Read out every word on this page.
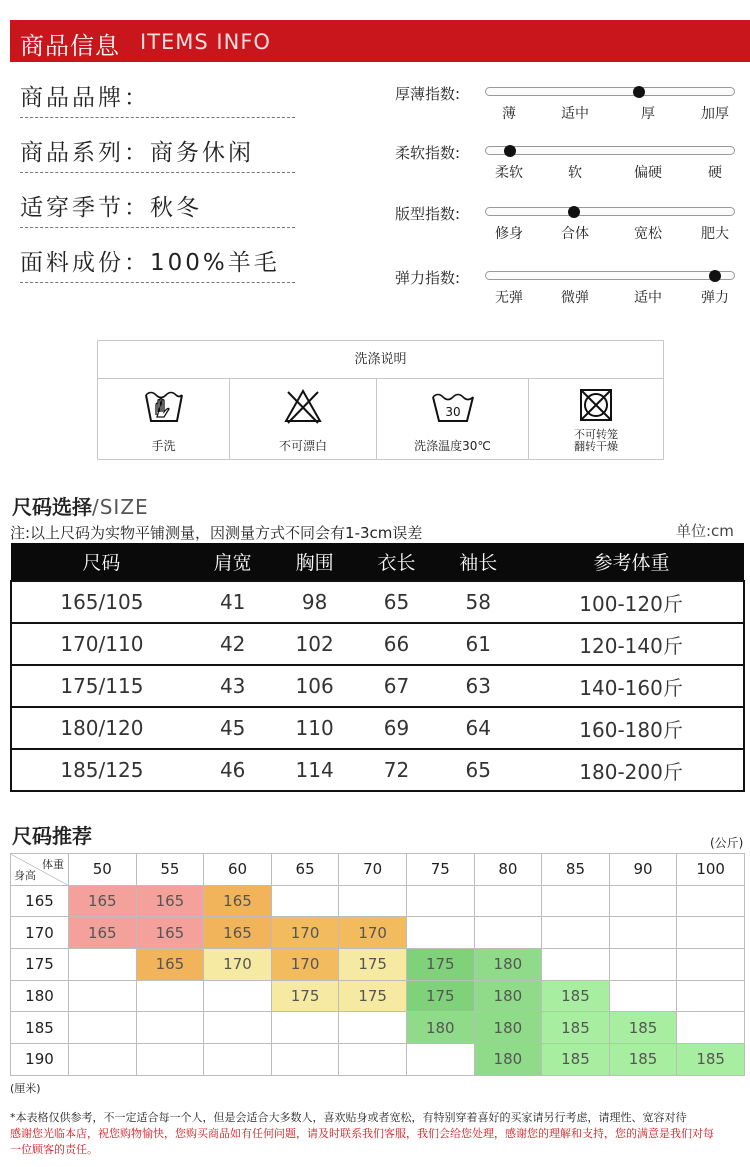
商品信息 ITEMS INFO
商品品牌：
商品系列：商务休闲
适穿季节：秋冬
面料成份：100%羊毛
厚薄指数:
薄	适中	厚	加厚
柔软指数:
柔软	软	偏硬	硬
版型指数:
修身	合体	宽松	肥大
弹力指数:
无弹	微弹	适中	弹力
洗涤说明
手洗	不可漂白
30
洗涤温度30℃
不可转笼
翻转干燥
尺码选择/SIZE
注:以上尺码为实物平铺测量，因测量方式不同会有1-3cm误差	单位:cm
尺码	肩宽	胸围	衣长	袖长	参考体重
165/105	41	98	65	58	100-120斤
170/110	42	102	66	61	120-140斤
175/115	43	106	67	63	140-160斤
180/120	45	110	69	64	160-180斤
185/125	46	114	72	65	180-200斤
尺码推荐	(公斤)
体重
身高	50	55	60	65	70	75	80	85	90	100
165	165	165	165							
170	165	165	165	170	170					
175		165	170	170	175	175	180			
180				175	175	175	180	185		
185						180	180	185	185	
190							180	185	185	185
(厘米)
*本表格仅供参考，不一定适合每一个人，但是会适合大多数人，喜欢贴身或者宽松，有特别穿着喜好的买家请另行考虑，请理性、宽容对待
感谢您光临本店，祝您购物愉快，您购买商品如有任何问题，请及时联系我们客服，我们会给您处理，感谢您的理解和支持，您的满意是我们对每
一位顾客的责任。
